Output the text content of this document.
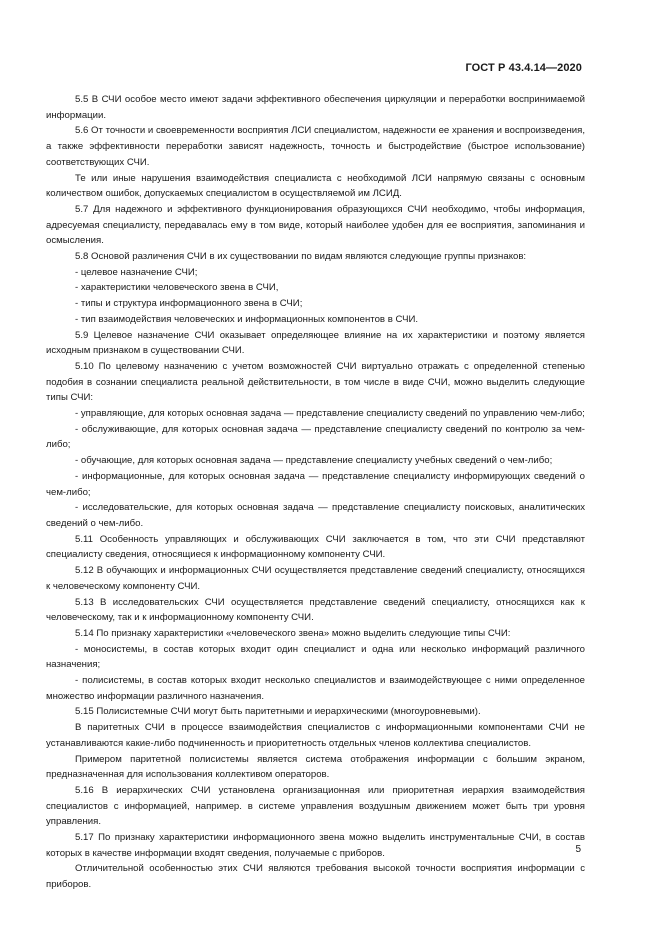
ГОСТ Р 43.4.14—2020

5.5 В СЧИ особое место имеют задачи эффективного обеспечения циркуляции и переработки воспринимаемой информации.

5.6 От точности и своевременности восприятия ЛСИ специалистом, надежности ее хранения и воспроизведения, а также эффективности переработки зависят надежность, точность и быстродействие (быстрое использование) соответствующих СЧИ.

Те или иные нарушения взаимодействия специалиста с необходимой ЛСИ напрямую связаны с основным количеством ошибок, допускаемых специалистом в осуществляемой им ЛСИД.

5.7 Для надежного и эффективного функционирования образующихся СЧИ необходимо, чтобы информация, адресуемая специалисту, передавалась ему в том виде, который наиболее удобен для ее восприятия, запоминания и осмысления.

5.8 Основой различения СЧИ в их существовании по видам являются следующие группы признаков:

- целевое назначение СЧИ;

- характеристики человеческого звена в СЧИ,

- типы и структура информационного звена в СЧИ;

- тип взаимодействия человеческих и информационных компонентов в СЧИ.

5.9 Целевое назначение СЧИ оказывает определяющее влияние на их характеристики и поэтому является исходным признаком в существовании СЧИ.

5.10 По целевому назначению с учетом возможностей СЧИ виртуально отражать с определенной степенью подобия в сознании специалиста реальной действительности, в том числе в виде СЧИ, можно выделить следующие типы СЧИ:

- управляющие, для которых основная задача — представление специалисту сведений по управлению чем-либо;

- обслуживающие, для которых основная задача — представление специалисту сведений по контролю за чем-либо;

- обучающие, для которых основная задача — представление специалисту учебных сведений о чем-либо;

- информационные, для которых основная задача — представление специалисту информирующих сведений о чем-либо;

- исследовательские, для которых основная задача — представление специалисту поисковых, аналитических сведений о чем-либо.

5.11 Особенность управляющих и обслуживающих СЧИ заключается в том, что эти СЧИ представляют специалисту сведения, относящиеся к информационному компоненту СЧИ.

5.12 В обучающих и информационных СЧИ осуществляется представление сведений специалисту, относящихся к человеческому компоненту СЧИ.

5.13 В исследовательских СЧИ осуществляется представление сведений специалисту, относящихся как к человеческому, так и к информационному компоненту СЧИ.

5.14 По признаку характеристики «человеческого звена» можно выделить следующие типы СЧИ:

- моносистемы, в состав которых входит один специалист и одна или несколько информаций различного назначения;

- полисистемы, в состав которых входит несколько специалистов и взаимодействующее с ними определенное множество информации различного назначения.

5.15 Полисистемные СЧИ могут быть паритетными и иерархическими (многоуровневыми).

В паритетных СЧИ в процессе взаимодействия специалистов с информационными компонентами СЧИ не устанавливаются какие-либо подчиненность и приоритетность отдельных членов коллектива специалистов.

Примером паритетной полисистемы является система отображения информации с большим экраном, предназначенная для использования коллективом операторов.

5.16 В иерархических СЧИ установлена организационная или приоритетная иерархия взаимодействия специалистов с информацией, например. в системе управления воздушным движением может быть три уровня управления.

5.17 По признаку характеристики информационного звена можно выделить инструментальные СЧИ, в состав которых в качестве информации входят сведения, получаемые с приборов.

Отличительной особенностью этих СЧИ являются требования высокой точности восприятия информации с приборов.

5
